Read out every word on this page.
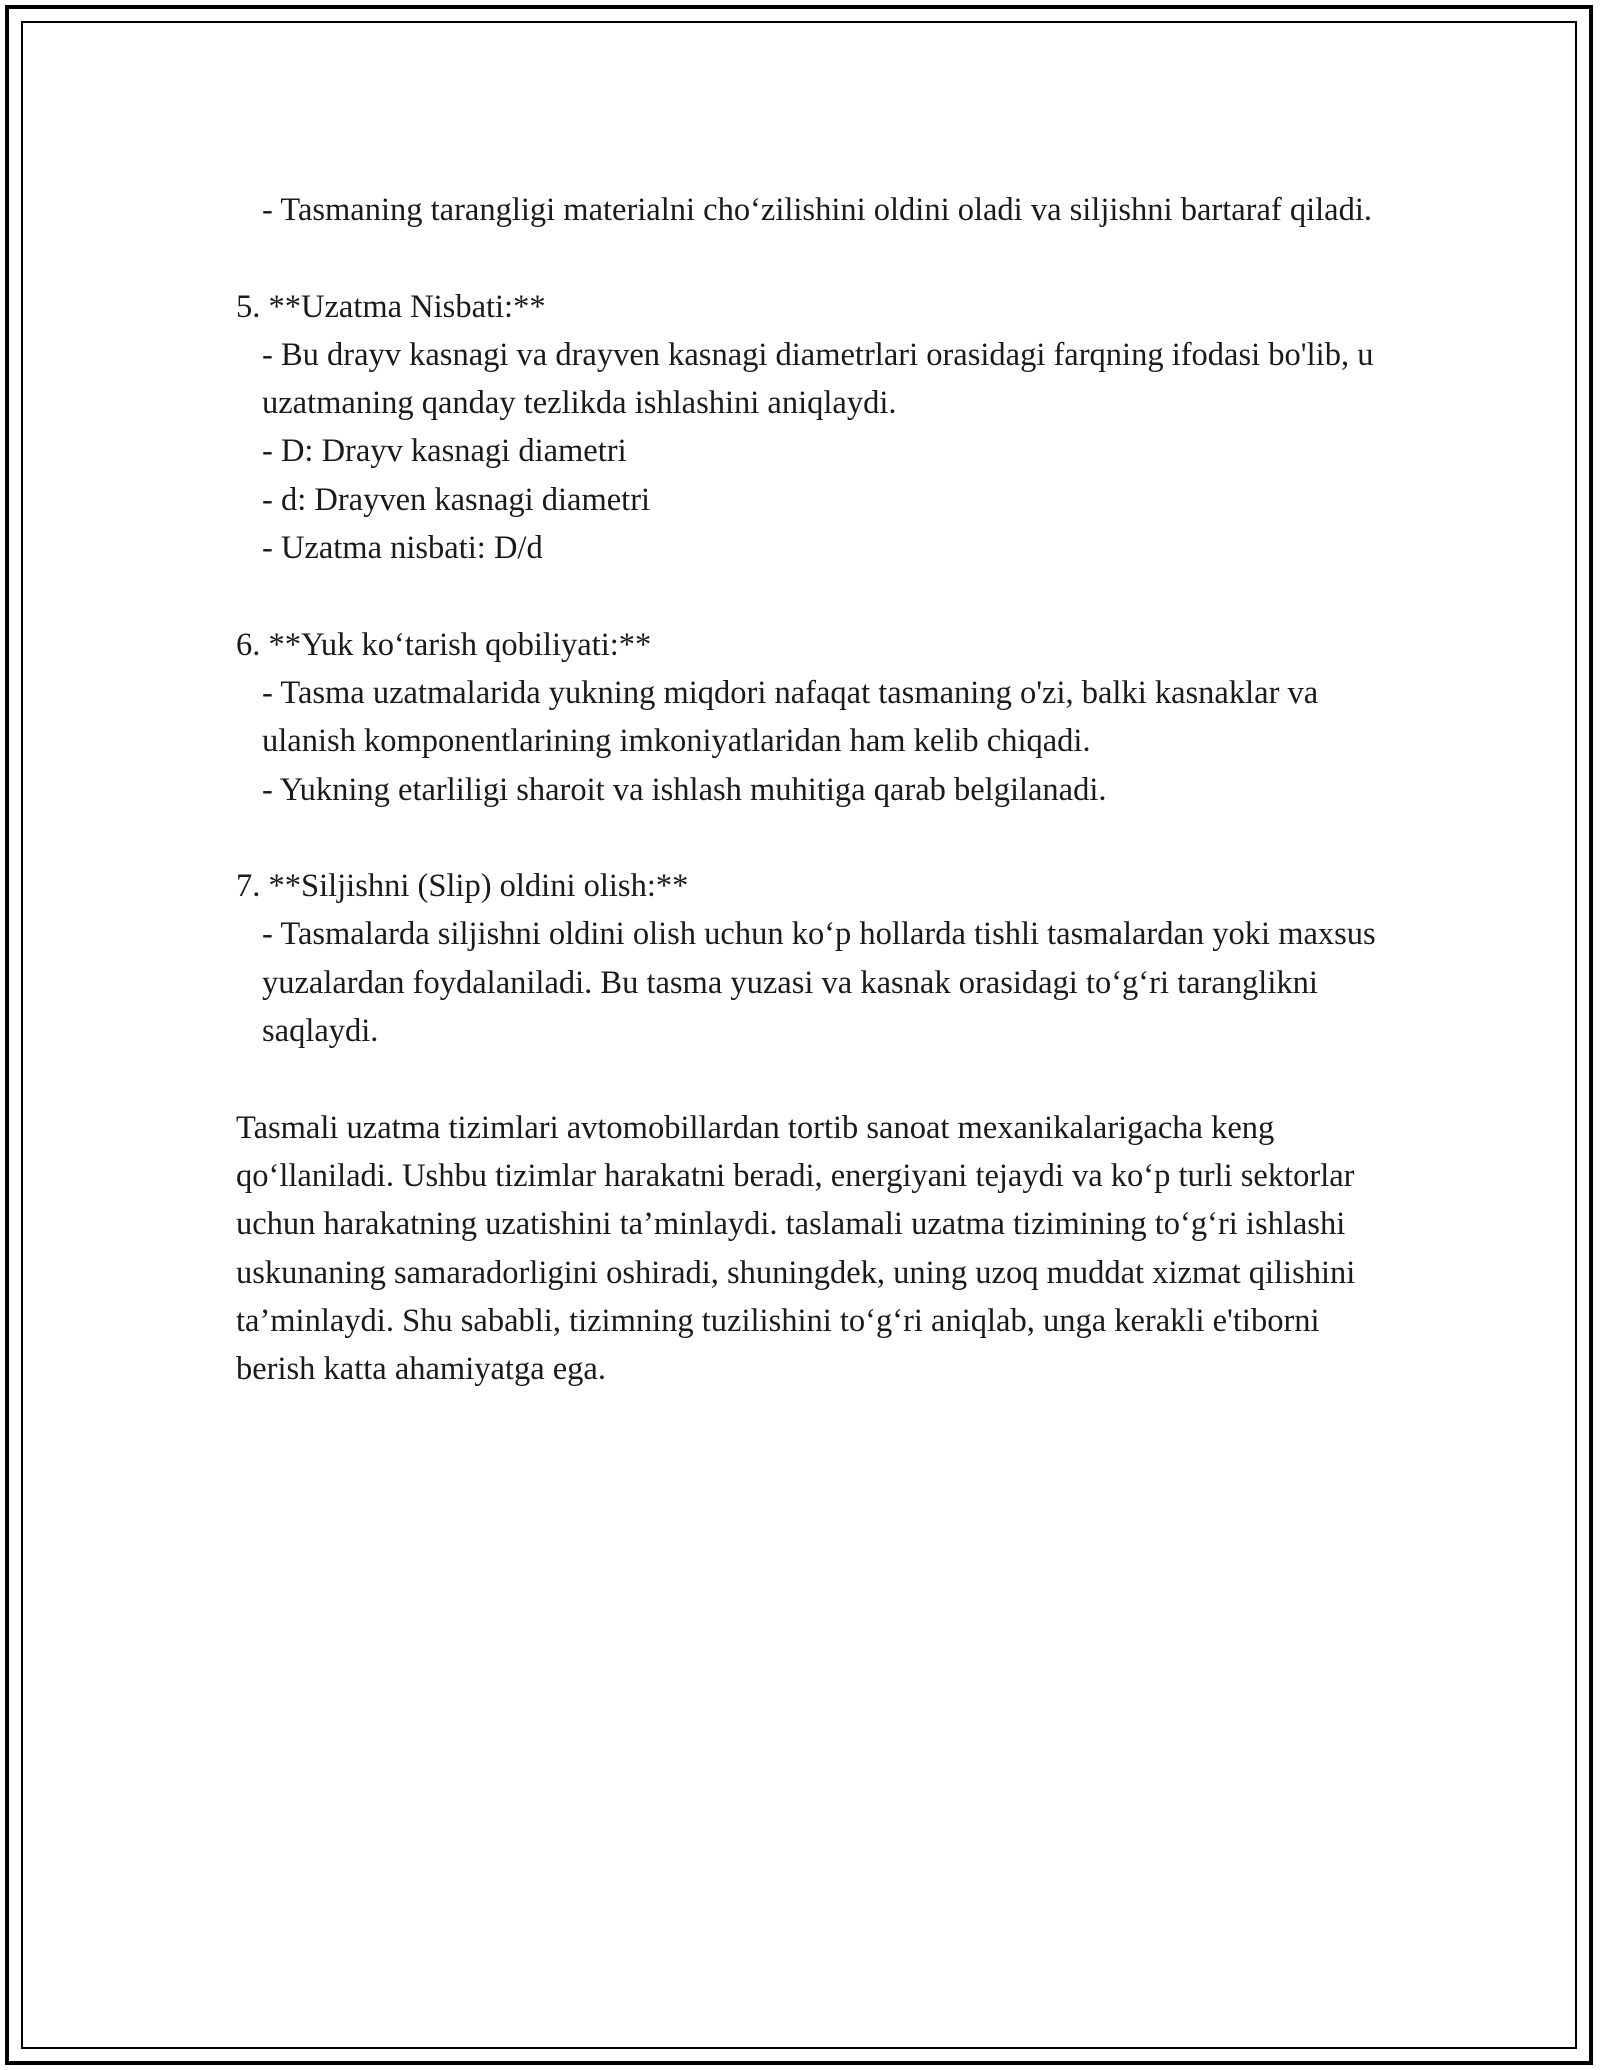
- Tasmaning tarangligi materialni cho‘zilishini oldini oladi va siljishni bartaraf qiladi.

5. **Uzatma Nisbati:**

- Bu drayv kasnagi va drayven kasnagi diametrlari orasidagi farqning ifodasi bo'lib, u uzatmaning qanday tezlikda ishlashini aniqlaydi.

- D: Drayv kasnagi diametri

- d: Drayven kasnagi diametri

- Uzatma nisbati: D/d

6. **Yuk ko‘tarish qobiliyati:**

- Tasma uzatmalarida yukning miqdori nafaqat tasmaning o'zi, balki kasnaklar va ulanish komponentlarining imkoniyatlaridan ham kelib chiqadi.

- Yukning etarliligi sharoit va ishlash muhitiga qarab belgilanadi.

7. **Siljishni (Slip) oldini olish:**

- Tasmalarda siljishni oldini olish uchun ko‘p hollarda tishli tasmalardan yoki maxsus yuzalardan foydalaniladi. Bu tasma yuzasi va kasnak orasidagi to‘g‘ri taranglikni saqlaydi.

Tasmali uzatma tizimlari avtomobillardan tortib sanoat mexanikalarigacha keng qo‘llaniladi. Ushbu tizimlar harakatni beradi, energiyani tejaydi va ko‘p turli sektorlar uchun harakatning uzatishini ta’minlaydi. taslamali uzatma tizimining to‘g‘ri ishlashi uskunaning samaradorligini oshiradi, shuningdek, uning uzoq muddat xizmat qilishini ta’minlaydi. Shu sababli, tizimning tuzilishini to‘g‘ri aniqlab, unga kerakli e'tiborni berish katta ahamiyatga ega.
